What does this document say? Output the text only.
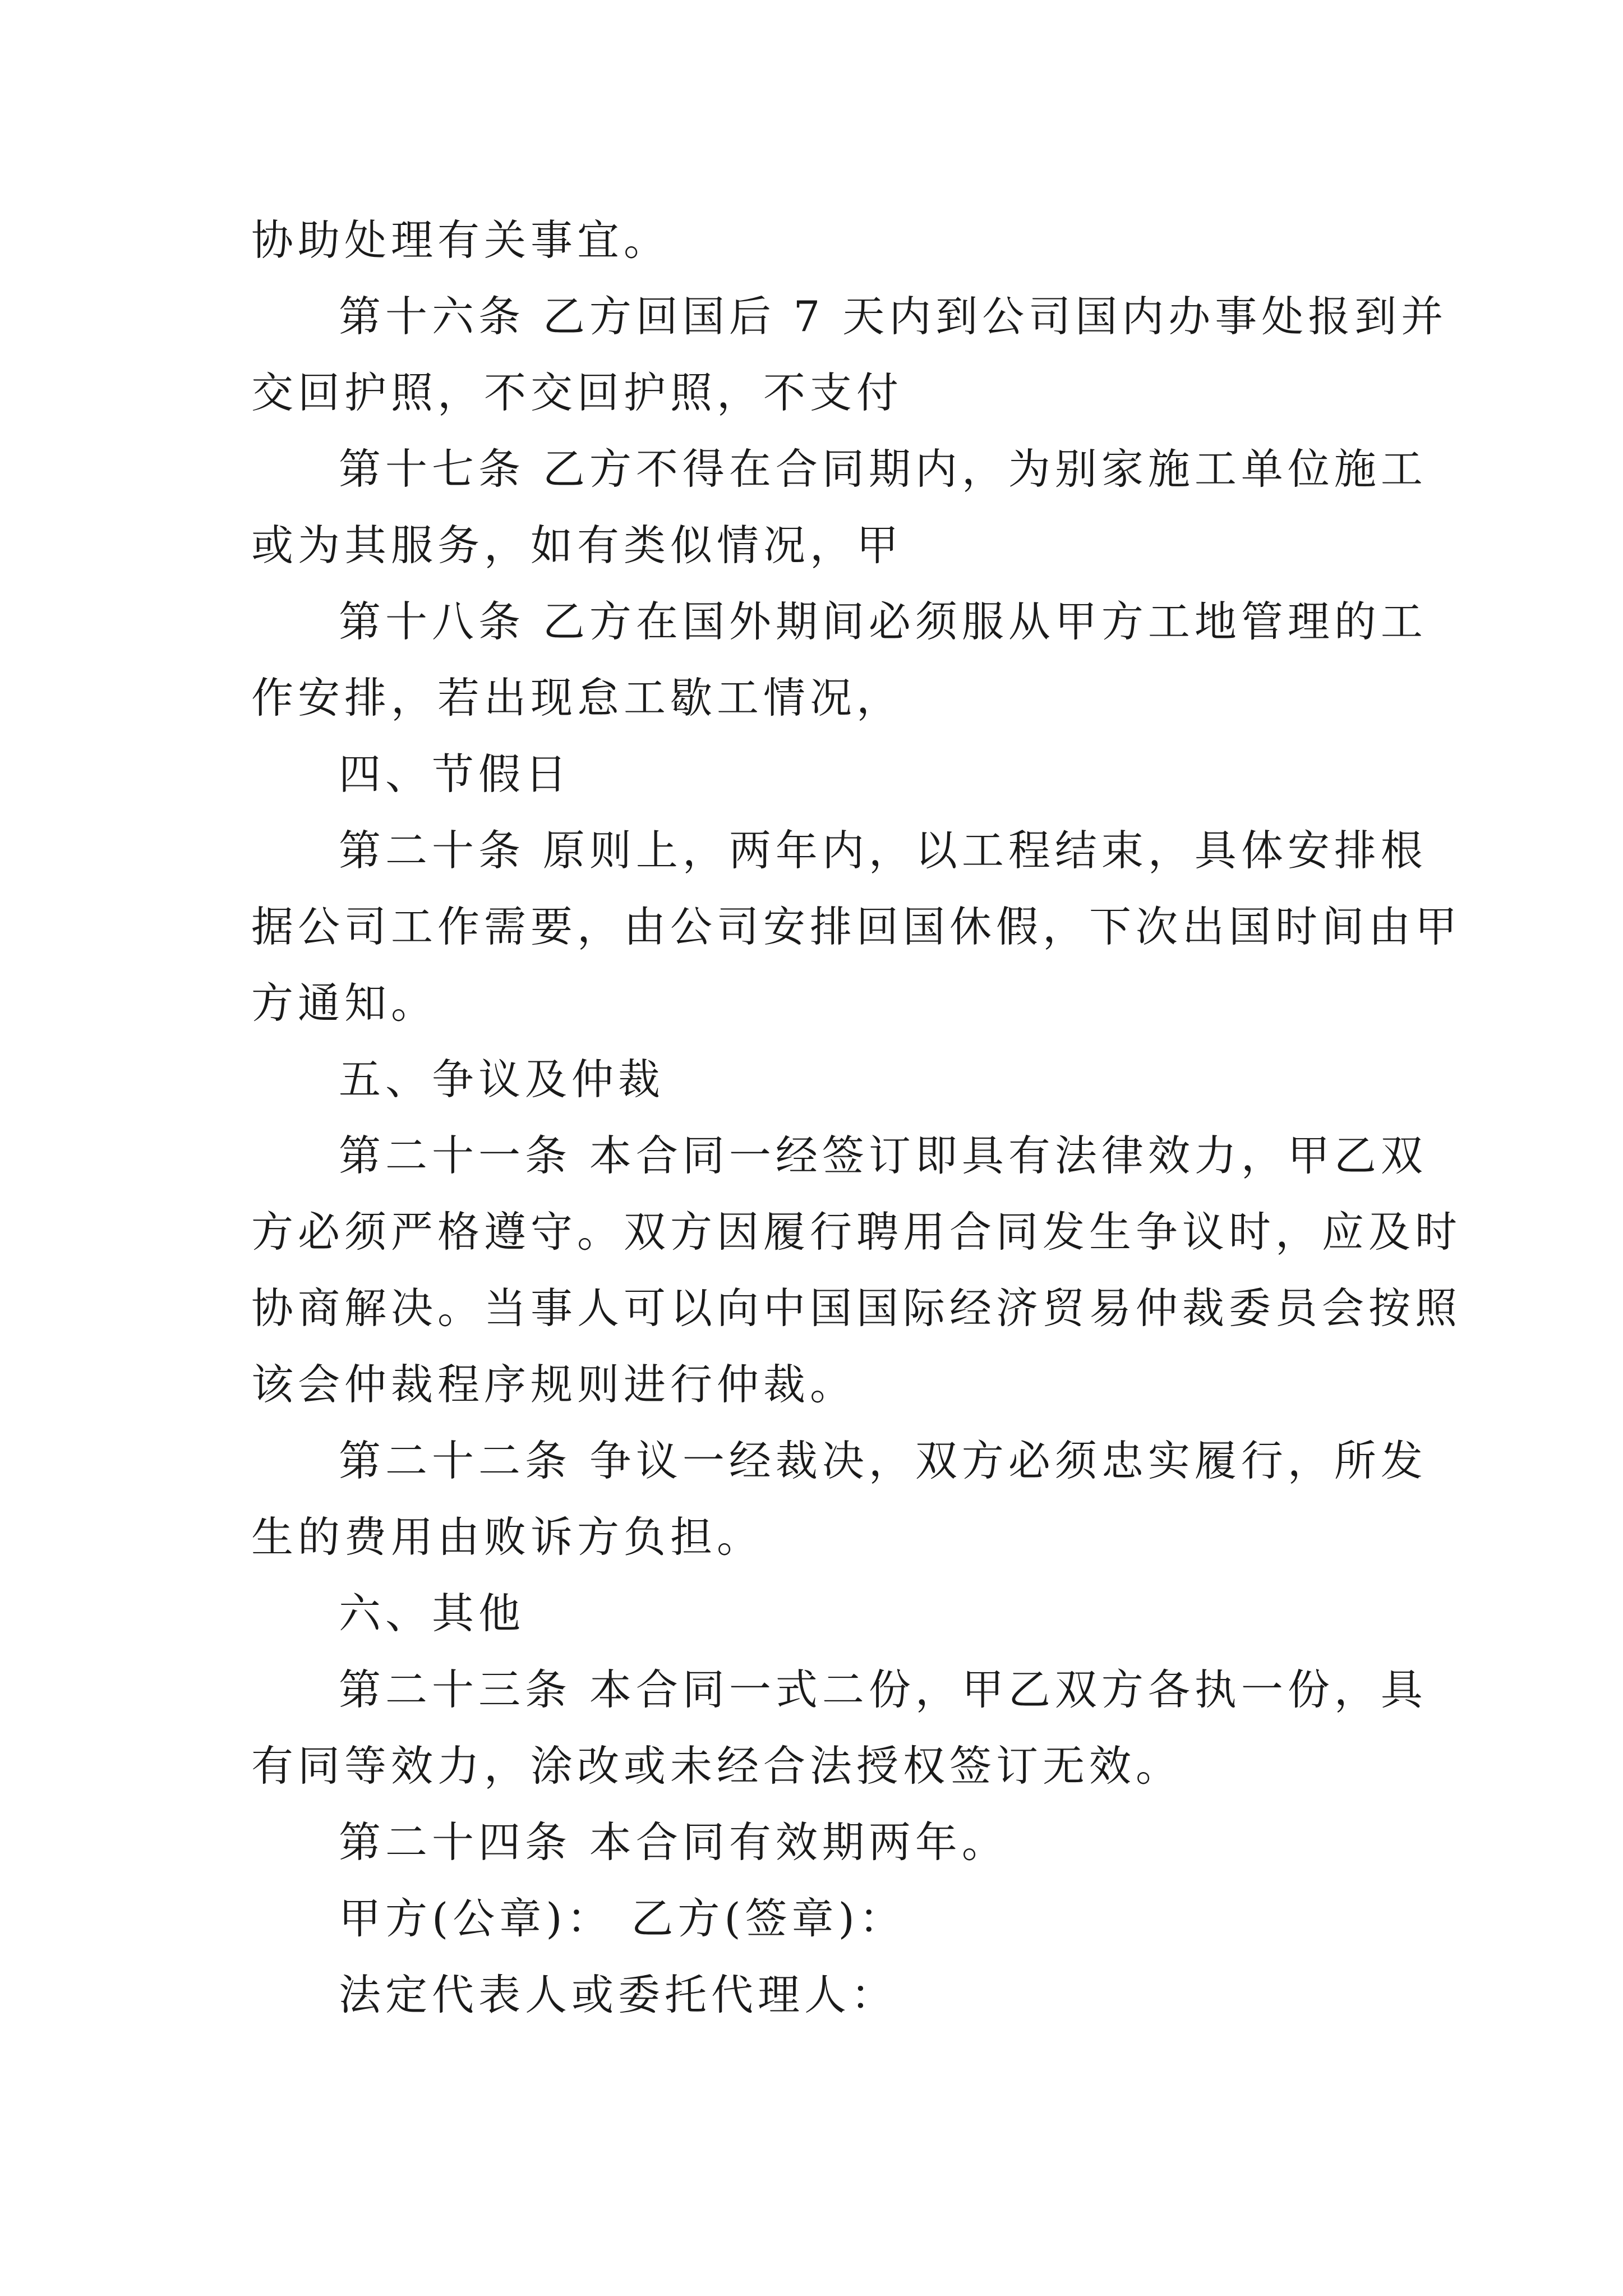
协助处理有关事宜。
第十六条 乙方回国后 7 天内到公司国内办事处报到并
交回护照，不交回护照，不支付
第十七条 乙方不得在合同期内，为别家施工单位施工
或为其服务，如有类似情况，甲
第十八条 乙方在国外期间必须服从甲方工地管理的工
作安排，若出现怠工歇工情况，
四、节假日
第二十条 原则上，两年内，以工程结束，具体安排根
据公司工作需要，由公司安排回国休假，下次出国时间由甲
方通知。
五、争议及仲裁
第二十一条 本合同一经签订即具有法律效力，甲乙双
方必须严格遵守。双方因履行聘用合同发生争议时，应及时
协商解决。当事人可以向中国国际经济贸易仲裁委员会按照
该会仲裁程序规则进行仲裁。
第二十二条 争议一经裁决，双方必须忠实履行，所发
生的费用由败诉方负担。
六、其他
第二十三条 本合同一式二份，甲乙双方各执一份，具
有同等效力，涂改或未经合法授权签订无效。
第二十四条 本合同有效期两年。
甲方(公章)： 乙方(签章)：
法定代表人或委托代理人：
